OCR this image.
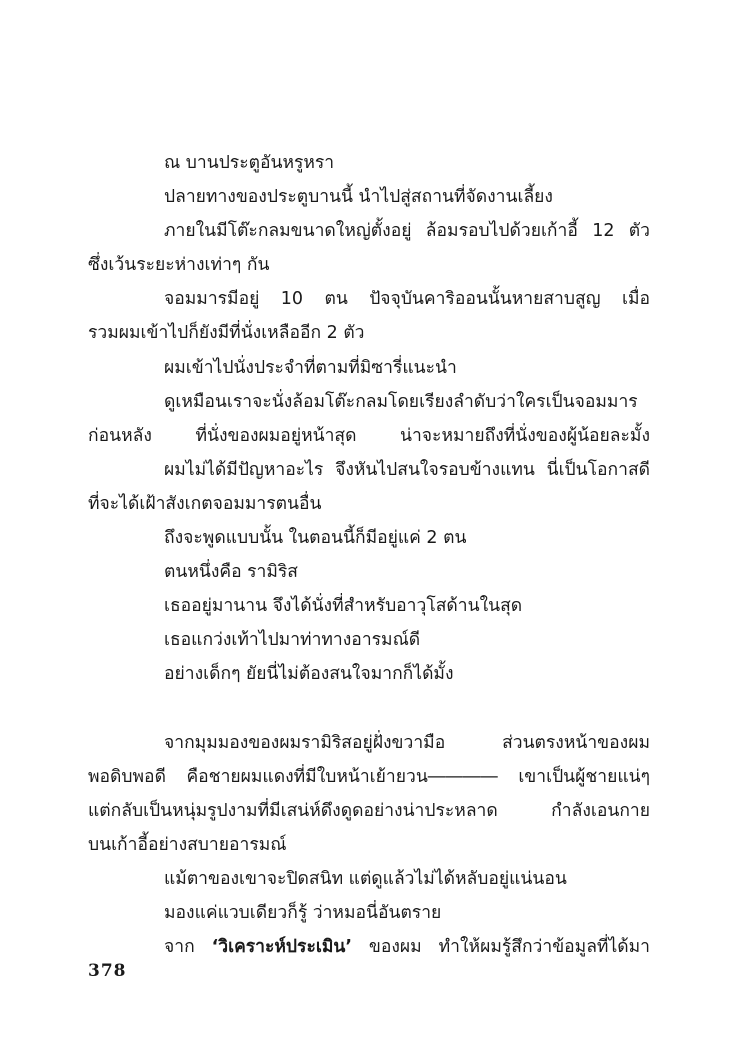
ณ บานประตูอันหรูหรา
ปลายทางของประตูบานนี้ นำไปสู่สถานที่จัดงานเลี้ยง
ภายในมีโต๊ะกลมขนาดใหญ่ตั้งอยู่ ล้อมรอบไปด้วยเก้าอี้ 12 ตัว
ซึ่งเว้นระยะห่างเท่าๆ กัน
จอมมารมีอยู่ 10 ตน ปัจจุบันคาริออนนั้นหายสาบสูญ เมื่อ
รวมผมเข้าไปก็ยังมีที่นั่งเหลืออีก 2 ตัว
ผมเข้าไปนั่งประจำที่ตามที่มิซารี่แนะนำ
ดูเหมือนเราจะนั่งล้อมโต๊ะกลมโดยเรียงลำดับว่าใครเป็นจอมมาร
ก่อนหลัง ที่นั่งของผมอยู่หน้าสุด น่าจะหมายถึงที่นั่งของผู้น้อยละมั้ง
ผมไม่ได้มีปัญหาอะไร จึงหันไปสนใจรอบข้างแทน นี่เป็นโอกาสดี
ที่จะได้เฝ้าสังเกตจอมมารตนอื่น
ถึงจะพูดแบบนั้น ในตอนนี้ก็มีอยู่แค่ 2 ตน
ตนหนึ่งคือ รามิริส
เธออยู่มานาน จึงได้นั่งที่สำหรับอาวุโสด้านในสุด
เธอแกว่งเท้าไปมาท่าทางอารมณ์ดี
อย่างเด็กๆ ยัยนี่ไม่ต้องสนใจมากก็ได้มั้ง
จากมุมมองของผมรามิริสอยู่ฝั่งขวามือ ส่วนตรงหน้าของผม
พอดิบพอดี คือชายผมแดงที่มีใบหน้าเย้ายวน―――― เขาเป็นผู้ชายแน่ๆ
แต่กลับเป็นหนุ่มรูปงามที่มีเสน่ห์ดึงดูดอย่างน่าประหลาด กำลังเอนกาย
บนเก้าอี้อย่างสบายอารมณ์
แม้ตาของเขาจะปิดสนิท แต่ดูแล้วไม่ได้หลับอยู่แน่นอน
มองแค่แวบเดียวก็รู้ ว่าหมอนี่อันตราย
จาก ‘วิเคราะห์ประเมิน’ ของผม ทำให้ผมรู้สึกว่าข้อมูลที่ได้มา
378
